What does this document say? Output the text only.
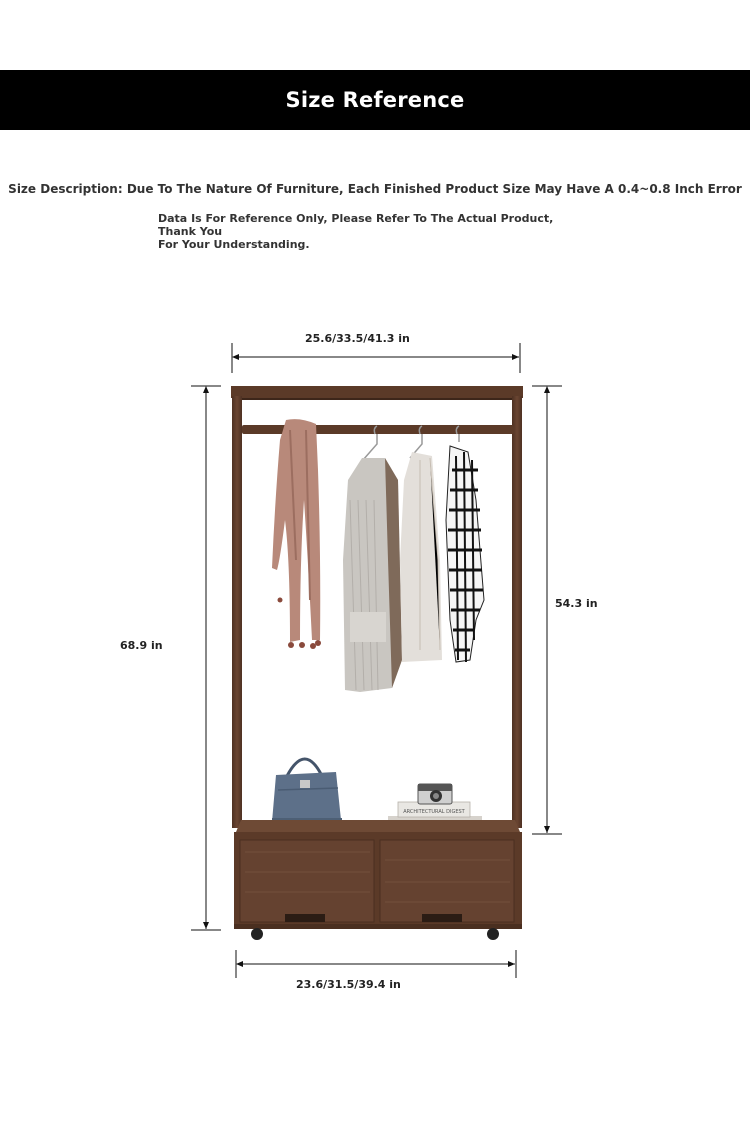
Size Reference
Size Description: Due To The Nature Of Furniture, Each Finished Product Size May Have A 0.4~0.8 Inch Error
Data Is For Reference Only, Please Refer To The Actual Product, Thank You
For Your Understanding.
ARCHITECTURAL DIGEST
25.6/33.5/41.3 in
68.9 in
54.3 in
23.6/31.5/39.4 in
